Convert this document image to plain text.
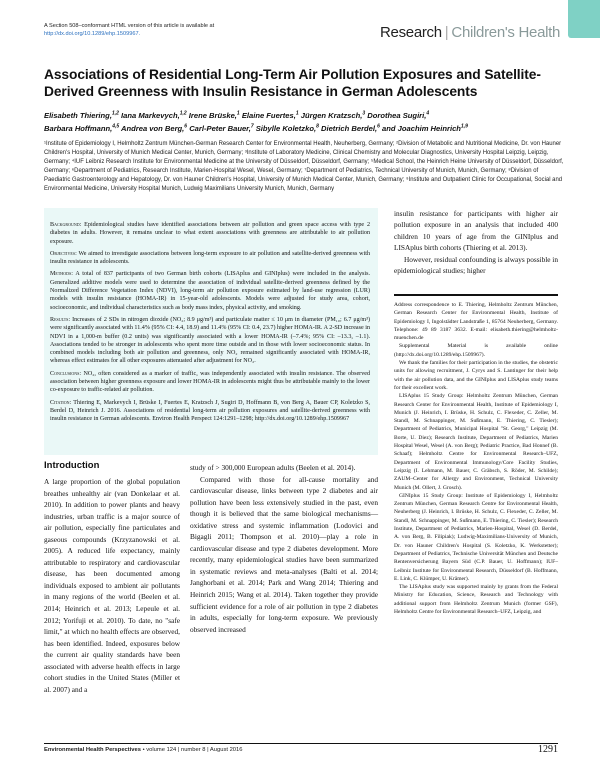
A Section 508–conformant HTML version of this article is available at http://dx.doi.org/10.1289/ehp.1509967.	Research | Children's Health
Associations of Residential Long-Term Air Pollution Exposures and Satellite-Derived Greenness with Insulin Resistance in German Adolescents
Elisabeth Thiering,$^{1,2}$ Iana Markevych,$^{1,2}$ Irene Brüske,$^1$ Elaine Fuertes,$^1$ Jürgen Kratzsch,$^3$ Dorothea Sugiri,$^4$
Barbara Hoffmann,$^{4,5}$ Andrea von Berg,$^6$ Carl-Peter Bauer,$^7$ Sibylle Koletzko,$^8$ Dietrich Berdel,$^6$ and Joachim Heinrich$^{1,9}$
¹Institute of Epidemiology I, Helmholtz Zentrum München-German Research Center for Environmental Health, Neuherberg, Germany; ²Division of Metabolic and Nutritional Medicine, Dr. von Hauner Children's Hospital, University of Munich Medical Center, Munich, Germany; ³Institute of Laboratory Medicine, Clinical Chemistry and Molecular Diagnostics, University Hospital Leipzig, Leipzig, Germany; ⁴IUF Leibniz Research Institute for Environmental Medicine at the University of Düsseldorf, Düsseldorf, Germany; ⁵Medical School, the Heinrich Heine University of Düsseldorf, Düsseldorf, Germany; ⁶Department of Pediatrics, Research Institute, Marien-Hospital Wesel, Wesel, Germany; ⁷Department of Pediatrics, Technical University of Munich, Munich, Germany; ⁸Division of Paediatric Gastroenterology and Hepatology, Dr. von Hauner Children's Hospital, University of Munich Medical Center, Munich, Germany; ⁹Institute and Outpatient Clinic for Occupational, Social and Environmental Medicine, University Hospital Munich, Ludwig Maximilians University Munich, Munich, Germany

Background: Epidemiological studies have identified associations between air pollution and green space access with type 2 diabetes in adults. However, it remains unclear to what extent associations with greenness are attributable to air pollution exposure.

Objectives: We aimed to investigate associations between long-term exposure to air pollution and satellite-derived greenness with insulin resistance in adolescents.

Methods: A total of 837 participants of two German birth cohorts (LISAplus and GINIplus) were included in the analysis. Generalized additive models were used to determine the association of individual satellite-derived greenness defined by the Normalized Difference Vegetation Index (NDVI), long-term air pollution exposure estimated by land-use regression (LUR) models with insulin resistance (HOMA-IR) in 15-year-old adolescents. Models were adjusted for study area, cohort, socioeconomic, and individual characteristics such as body mass index, physical activity, and smoking.

Results: Increases of 2 SDs in nitrogen dioxide (NO₂; 8.9 μg/m³) and particulate matter ≤ 10 μm in diameter (PM₁₀; 6.7 μg/m³) were significantly associated with 11.4% (95% CI: 4.4, 18.9) and 11.4% (95% CI: 0.4, 23.7) higher HOMA-IR. A 2-SD increase in NDVI in a 1,000-m buffer (0.2 units) was significantly associated with a lower HOMA-IR (–7.4%; 95% CI: –13.3, –1.1). Associations tended to be stronger in adolescents who spent more time outside and in those with lower socioeconomic status. In combined models including both air pollution and greenness, only NO₂ remained significantly associated with HOMA-IR, whereas effect estimates for all other exposures attenuated after adjustment for NO₂.

Conclusions: NO₂, often considered as a marker of traffic, was independently associated with insulin resistance. The observed association between higher greenness exposure and lower HOMA-IR in adolescents might thus be attributable mainly to the lower co-exposure to traffic-related air pollution.

Citation: Thiering E, Markevych I, Brüske I, Fuertes E, Kratzsch J, Sugiri D, Hoffmann B, von Berg A, Bauer CP, Koletzko S, Berdel D, Heinrich J. 2016. Associations of residential long-term air pollution exposures and satellite-derived greenness with insulin resistance in German adolescents. Environ Health Perspect 124:1291–1298; http://dx.doi.org/10.1289/ehp.1509967

insulin resistance for participants with higher air pollution exposure in an analysis that included 400 children 10 years of age from the GINIplus and LISAplus birth cohorts (Thiering et al. 2013).

However, residual confounding is always possible in epidemiological studies; higher

Address correspondence to E. Thiering, Helmholtz Zentrum München, German Research Center for Environmental Health, Institute of Epidemiology I, Ingolstädter Landstraße 1, 85764 Neuherberg, Germany. Telephone: 49 89 3187 3632. E-mail: elisabeth.thiering@helmholtz-muenchen.de

Supplemental Material is available online (http://dx.doi.org/10.1289/ehp.1509967).

We thank the families for their participation in the studies, the obstetric units for allowing recruitment, J. Cyrys and S. Lantinger for their help with the air pollution data, and the GINIplus and LISAplus study teams for their excellent work.

LISAplus 15 Study Group: Helmholtz Zentrum München, German Research Center for Environmental Health, Institute of Epidemiology I, Munich (J. Heinrich, I. Brüske, H. Schulz, C. Flexeder, C. Zeller, M. Standl, M. Schnappinger, M. Sußmann, E. Thiering, C. Tiesler); Department of Pediatrics, Municipal Hospital "St. Georg," Leipzig (M. Borte, U. Diez); Research Institute, Department of Pediatrics, Marien Hospital Wesel, Wesel (A. von Berg); Pediatric Practice, Bad Honnef (B. Schaaf); Helmholtz Centre for Environmental Research–UFZ, Department of Environmental Immunology/Core Facility Studies, Leipzig (I. Lehmann, M. Bauer, C. Gräbsch, S. Röder, M. Schilde); ZAUM–Center for Allergy and Environment, Technical University Munich (M. Ollert, J. Grosch).

GINIplus 15 Study Group: Institute of Epidemiology I, Helmholtz Zentrum München, German Research Centre for Environmental Health, Neuherberg (J. Heinrich, I. Brüske, H. Schulz, C. Flexeder, C. Zeller, M. Standl, M. Schnappinger, M. Sußmann, E. Thiering, C. Tiesler); Research Institute, Department of Pediatrics, Marien-Hospital, Wesel (D. Berdel, A. von Berg, B. Filipiak); Ludwig-Maximilians-University of Munich, Dr. von Hauner Children's Hospital (S. Koletzko, K. Werkstetter); Department of Pediatrics, Technische Universität München and Deutsche Rentenversicherung Bayern Süd (C.P. Bauer, U. Hoffmann); IUF–Leibniz Institute for Environmental Research, Düsseldorf (B. Hoffmann, E. Link, C. Klümper, U. Krämer).

The LISAplus study was supported mainly by grants from the Federal Ministry for Education, Science, Research and Technology with additional support from Helmholtz Zentrum Munich (former GSF), Helmholtz Centre for Environmental Research–UFZ, Leipzig, and

Introduction
A large proportion of the global population breathes unhealthy air (van Donkelaar et al. 2010). In addition to power plants and heavy industries, urban traffic is a major source of air pollution, especially fine particulates and gaseous compounds (Krzyzanowski et al. 2005). A reduced life expectancy, mainly attributable to respiratory and cardiovascular disease, has been documented among individuals exposed to ambient air pollutants in many regions of the world (Beelen et al. 2014; Heinrich et al. 2013; Lepeule et al. 2012; Yorifuji et al. 2010). To date, no "safe limit," at which no health effects are observed, has been identified. Indeed, exposures below the current air quality standards have been associated with adverse health effects in large cohort studies in the United States (Miller et al. 2007) and a

study of > 300,000 European adults (Beelen et al. 2014).

Compared with those for all-cause mortality and cardiovascular disease, links between type 2 diabetes and air pollution have been less extensively studied in the past, even though it is believed that the same biological mechanisms—oxidative stress and systemic inflammation (Lodovici and Bigagli 2011; Thompson et al. 2010)—play a role in cardiovascular disease and type 2 diabetes development. More recently, many epidemiological studies have been summarized in systematic reviews and meta-analyses (Balti et al. 2014; Janghorbani et al. 2014; Park and Wang 2014; Thiering and Heinrich 2015; Wang et al. 2014). Taken together they provide sufficient evidence for a role of air pollution in type 2 diabetes in adults, especially for long-term exposure. We previously observed increased

Environmental Health Perspectives • volume 124 | number 8 | August 2016	1291
